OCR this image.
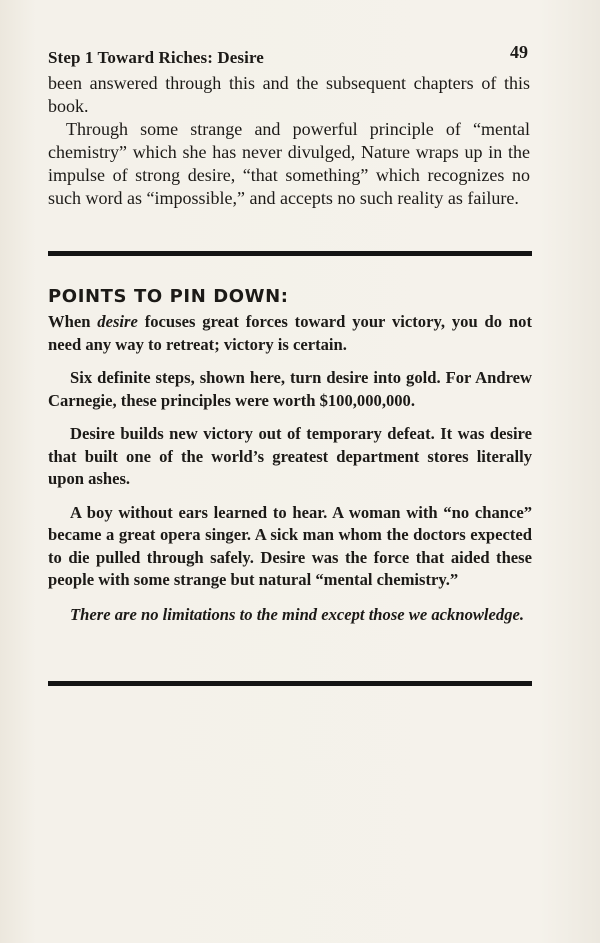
Step 1 Toward Riches: Desire	49

been answered through this and the subsequent chapters of this book.

Through some strange and powerful principle of “mental chemistry” which she has never divulged, Nature wraps up in the impulse of strong desire, “that something” which recognizes no such word as “impossible,” and accepts no such reality as failure.

POINTS TO PIN DOWN:

When desire focuses great forces toward your victory, you do not need any way to retreat; victory is certain.

Six definite steps, shown here, turn desire into gold. For Andrew Carnegie, these principles were worth $100,000,000.

Desire builds new victory out of temporary defeat. It was desire that built one of the world’s greatest department stores literally upon ashes.

A boy without ears learned to hear. A woman with “no chance” became a great opera singer. A sick man whom the doctors expected to die pulled through safely. Desire was the force that aided these people with some strange but natural “mental chemistry.”

There are no limitations to the mind except those we acknowledge.
